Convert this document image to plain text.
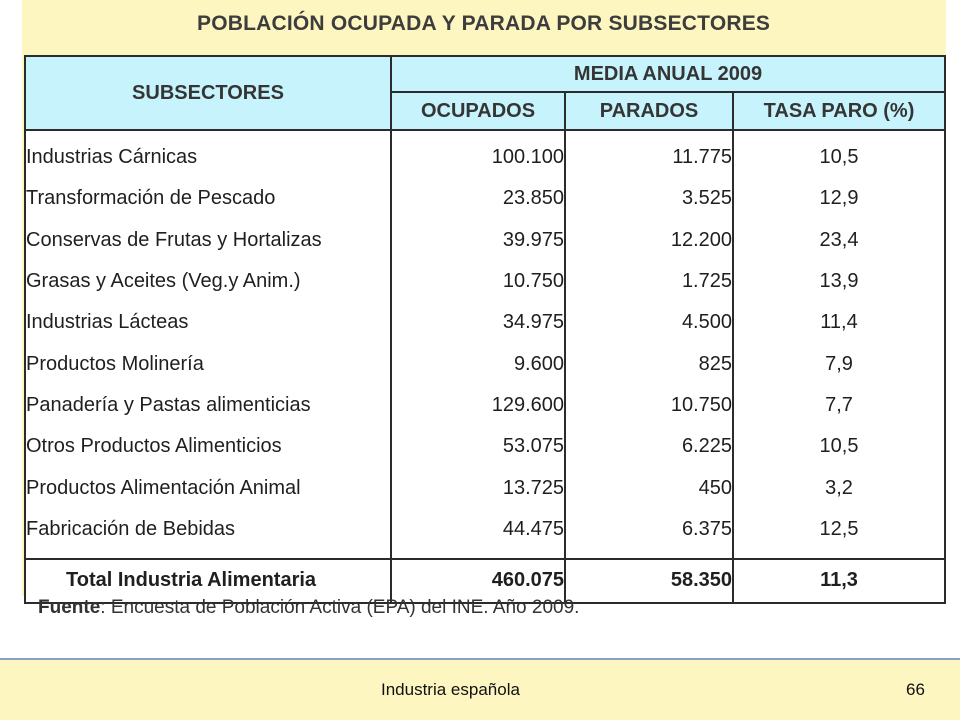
POBLACIÓN OCUPADA Y PARADA POR SUBSECTORES
SUBSECTORES	MEDIA ANUAL 2009		
	OCUPADOS	PARADOS	TASA PARO (%)
Industrias Cárnicas	100.100	11.775	10,5
Transformación de Pescado	23.850	3.525	12,9
Conservas de Frutas y Hortalizas	39.975	12.200	23,4
Grasas y Aceites (Veg.y Anim.)	10.750	1.725	13,9
Industrias Lácteas	34.975	4.500	11,4
Productos Molinería	9.600	825	7,9
Panadería y Pastas alimenticias	129.600	10.750	7,7
Otros Productos Alimenticios	53.075	6.225	10,5
Productos Alimentación Animal	13.725	450	3,2
Fabricación de Bebidas	44.475	6.375	12,5
Total Industria Alimentaria	460.075	58.350	11,3
Fuente: Encuesta de Población Activa (EPA) del INE. Año 2009.
Industria española	66
